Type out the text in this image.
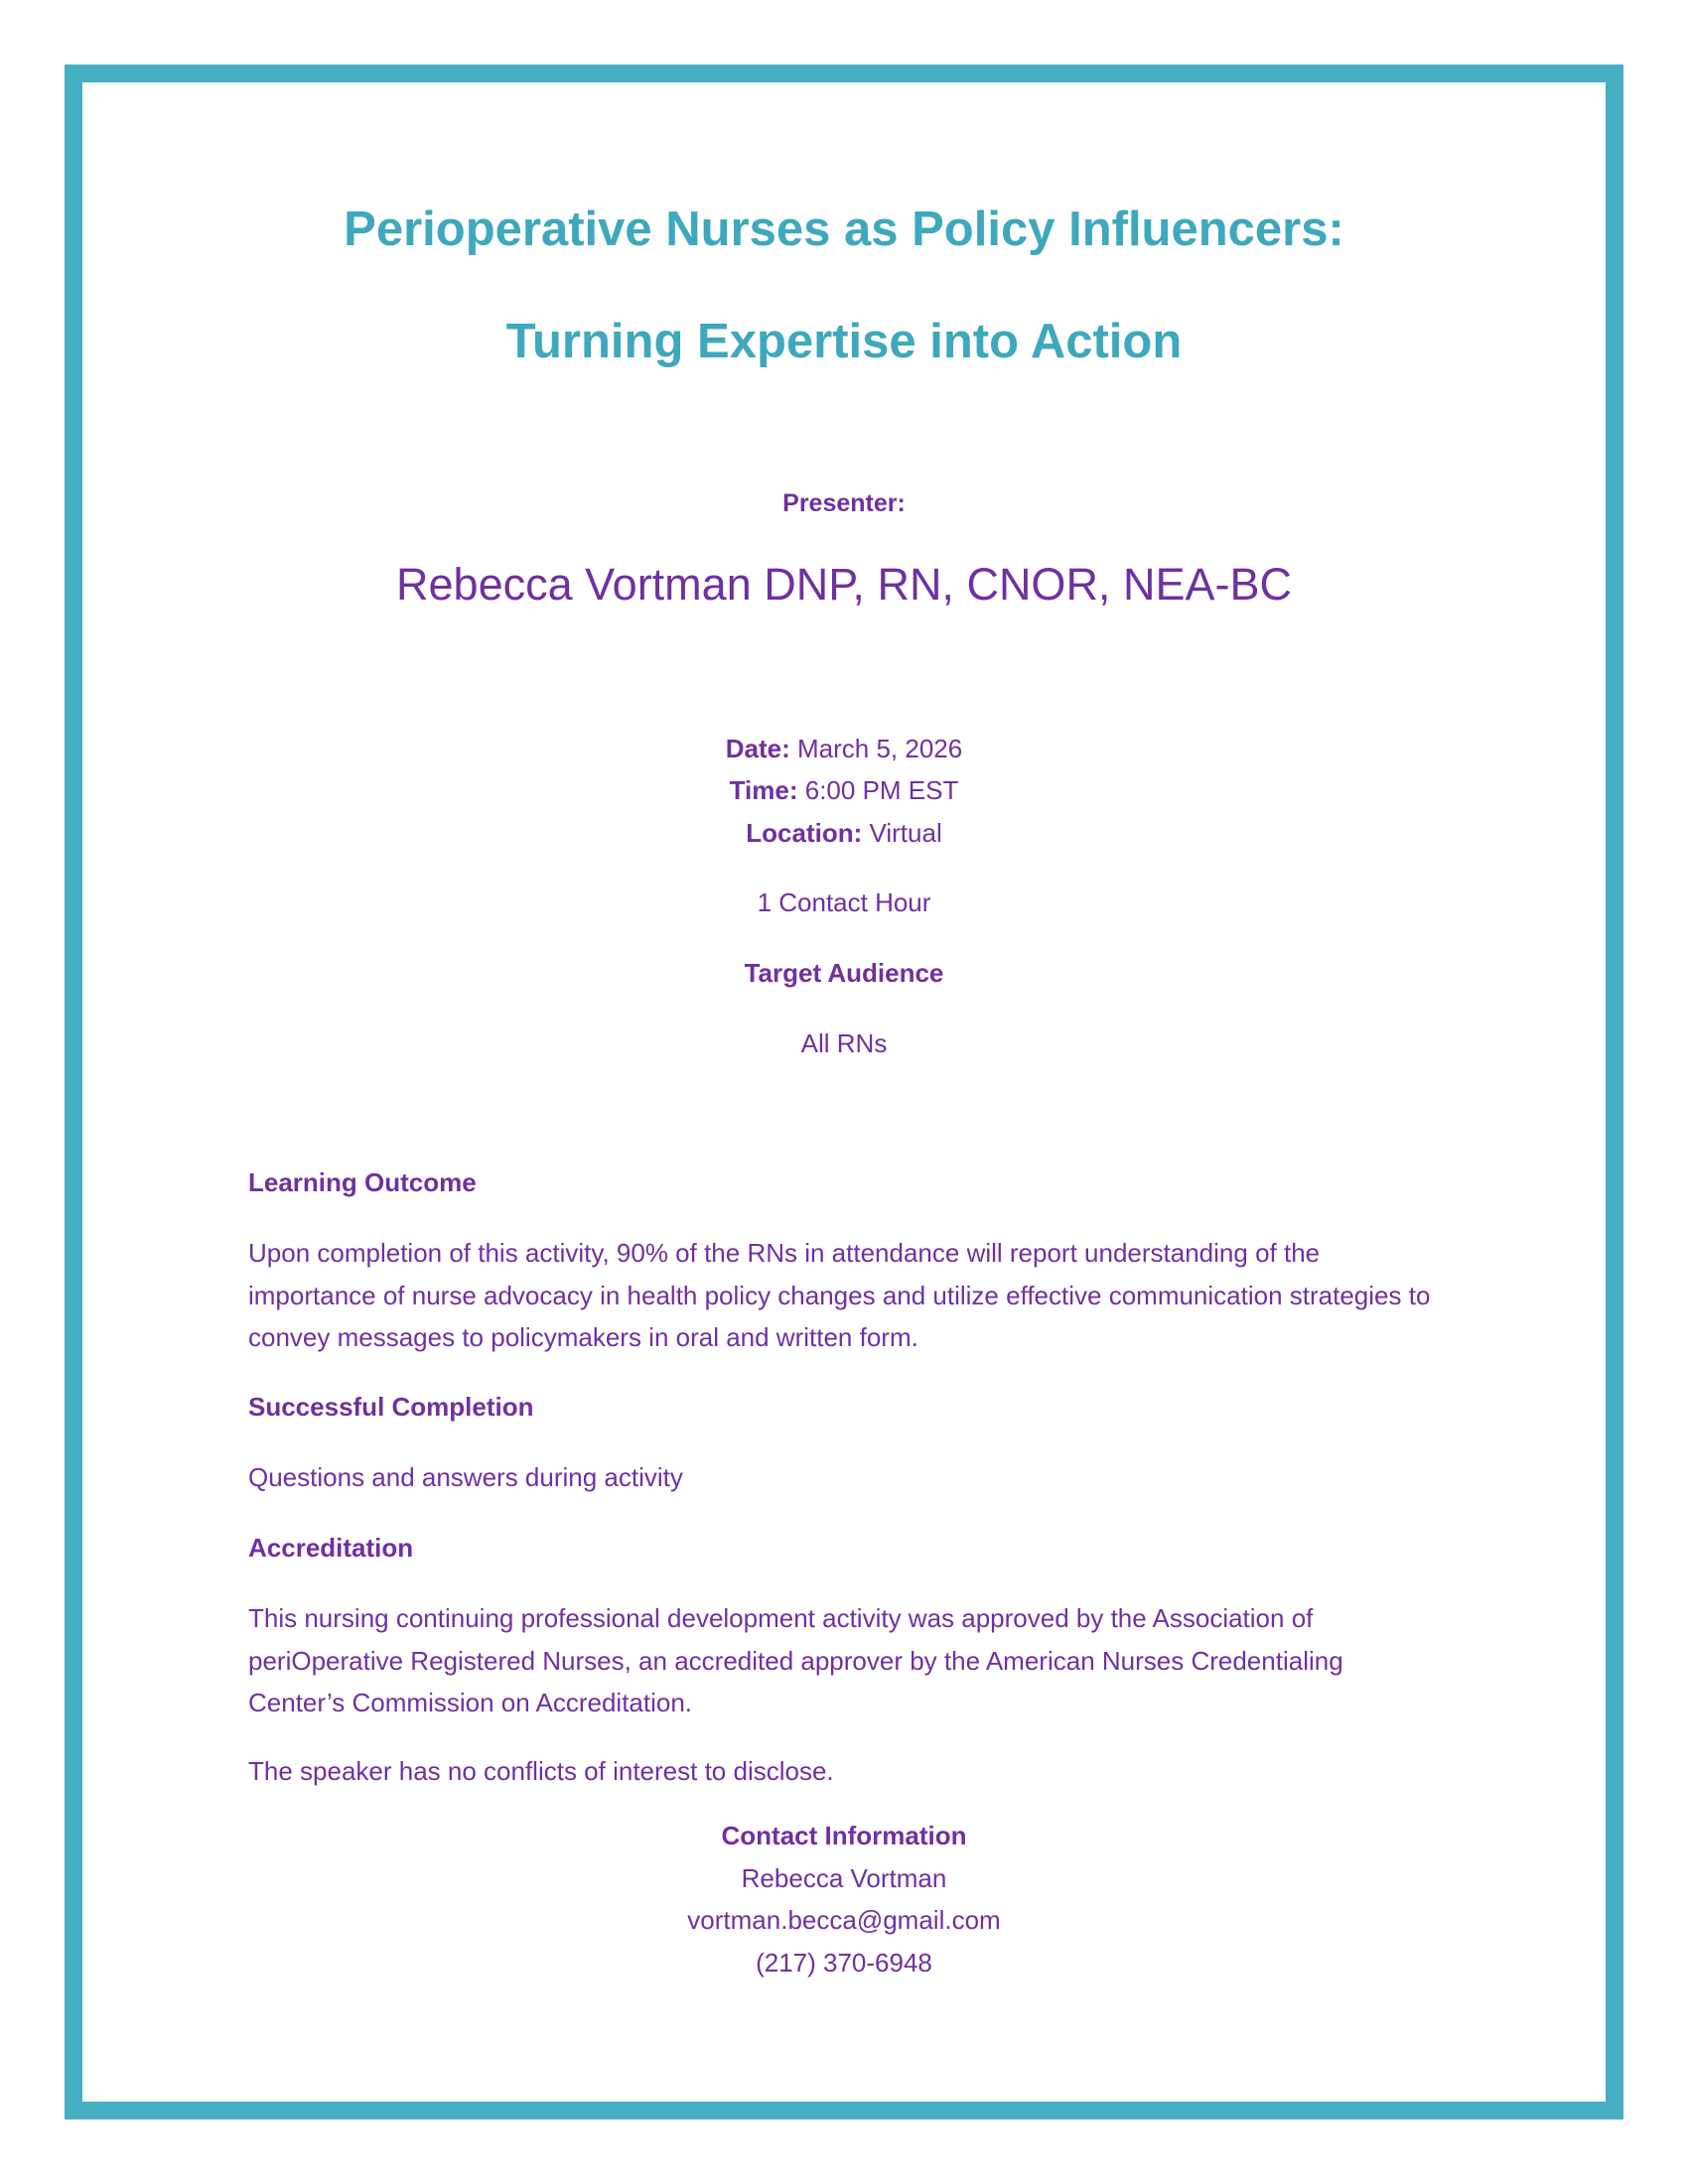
Perioperative Nurses as Policy Influencers:
Turning Expertise into Action

Presenter:

Rebecca Vortman DNP, RN, CNOR, NEA-BC

Date: March 5, 2026

Time: 6:00 PM EST

Location: Virtual

1 Contact Hour

Target Audience

All RNs

Learning Outcome

Upon completion of this activity, 90% of the RNs in attendance will report understanding of the importance of nurse advocacy in health policy changes and utilize effective communication strategies to convey messages to policymakers in oral and written form.

Successful Completion

Questions and answers during activity

Accreditation

This nursing continuing professional development activity was approved by the Association of periOperative Registered Nurses, an accredited approver by the American Nurses Credentialing Center’s Commission on Accreditation.

The speaker has no conflicts of interest to disclose.

Contact Information

Rebecca Vortman

vortman.becca@gmail.com

(217) 370-6948
